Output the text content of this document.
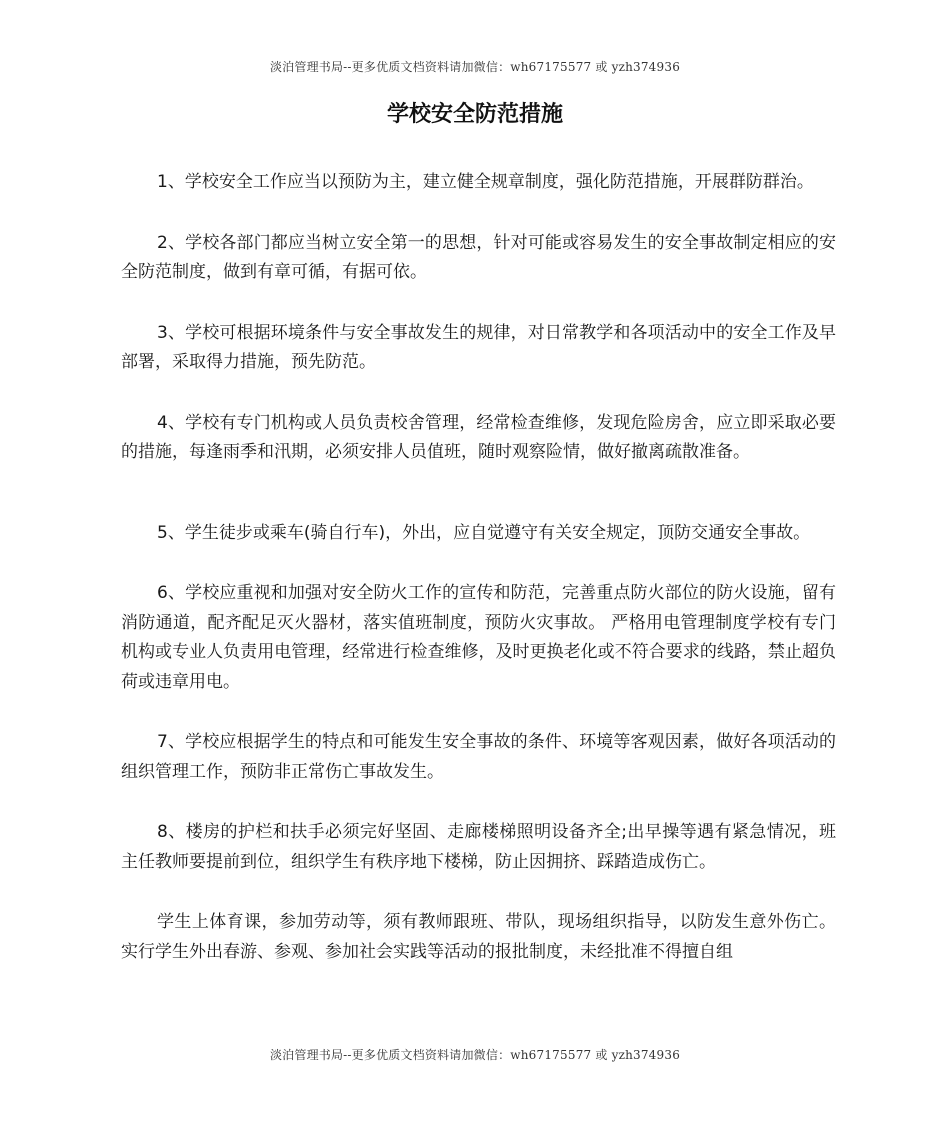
淡泊管理书局--更多优质文档资料请加微信：wh67175577 或 yzh374936
学校安全防范措施

1、学校安全工作应当以预防为主，建立健全规章制度，强化防范措施，开展群防群治。

2、学校各部门都应当树立安全第一的思想，针对可能或容易发生的安全事故制定相应的安全防范制度，做到有章可循，有据可依。

3、学校可根据环境条件与安全事故发生的规律，对日常教学和各项活动中的安全工作及早部署，采取得力措施，预先防范。

4、学校有专门机构或人员负责校舍管理，经常检查维修，发现危险房舍，应立即采取必要的措施，每逢雨季和汛期，必须安排人员值班，随时观察险情，做好撤离疏散准备。

5、学生徒步或乘车(骑自行车)，外出，应自觉遵守有关安全规定，顶防交通安全事故。

6、学校应重视和加强对安全防火工作的宣传和防范，完善重点防火部位的防火设施，留有消防通道，配齐配足灭火器材，落实值班制度，预防火灾事故。 严格用电管理制度学校有专门机构或专业人负责用电管理，经常进行检查维修，及时更换老化或不符合要求的线路，禁止超负荷或违章用电。

7、学校应根据学生的特点和可能发生安全事故的条件、环境等客观因素，做好各项活动的组织管理工作，预防非正常伤亡事故发生。

8、楼房的护栏和扶手必须完好坚固、走廊楼梯照明设备齐全;出早操等遇有紧急情况，班主任教师要提前到位，组织学生有秩序地下楼梯，防止因拥挤、踩踏造成伤亡。

学生上体育课，参加劳动等，须有教师跟班、带队，现场组织指导，以防发生意外伤亡。 实行学生外出春游、参观、参加社会实践等活动的报批制度，未经批准不得擅自组

淡泊管理书局--更多优质文档资料请加微信：wh67175577 或 yzh374936
